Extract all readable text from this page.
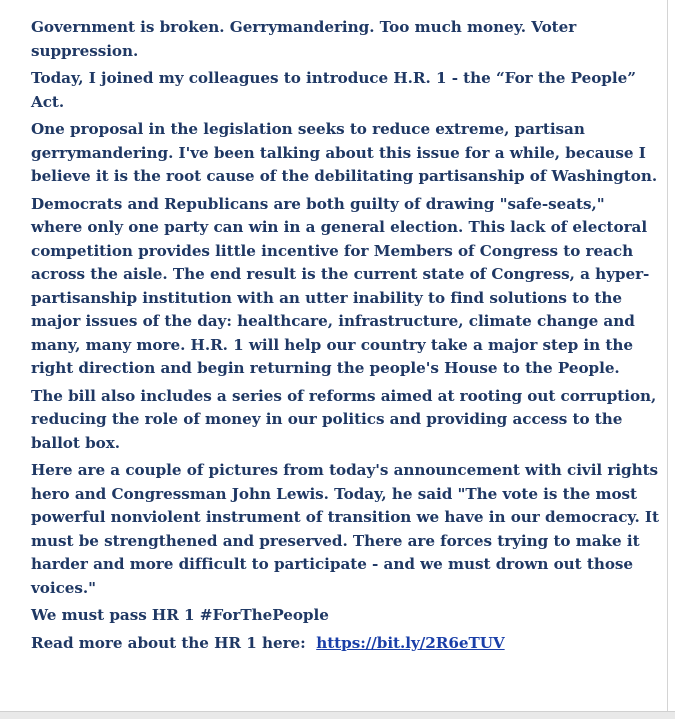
Government is broken. Gerrymandering. Too much money. Voter suppression.

Today, I joined my colleagues to introduce H.R. 1 - the “For the People” Act.

One proposal in the legislation seeks to reduce extreme, partisan gerrymandering. I've been talking about this issue for a while, because I believe it is the root cause of the debilitating partisanship of Washington.

Democrats and Republicans are both guilty of drawing "safe-seats," where only one party can win in a general election. This lack of electoral competition provides little incentive for Members of Congress to reach across the aisle. The end result is the current state of Congress, a hyper-partisanship institution with an utter inability to find solutions to the major issues of the day: healthcare, infrastructure, climate change and many, many more. H.R. 1 will help our country take a major step in the right direction and begin returning the people's House to the People.

The bill also includes a series of reforms aimed at rooting out corruption, reducing the role of money in our politics and providing access to the ballot box.

Here are a couple of pictures from today's announcement with civil rights hero and Congressman John Lewis. Today, he said "The vote is the most powerful nonviolent instrument of transition we have in our democracy. It must be strengthened and preserved. There are forces trying to make it harder and more difficult to participate - and we must drown out those voices."

We must pass HR 1 #ForThePeople

Read more about the HR 1 here:  https://bit.ly/2R6eTUV
